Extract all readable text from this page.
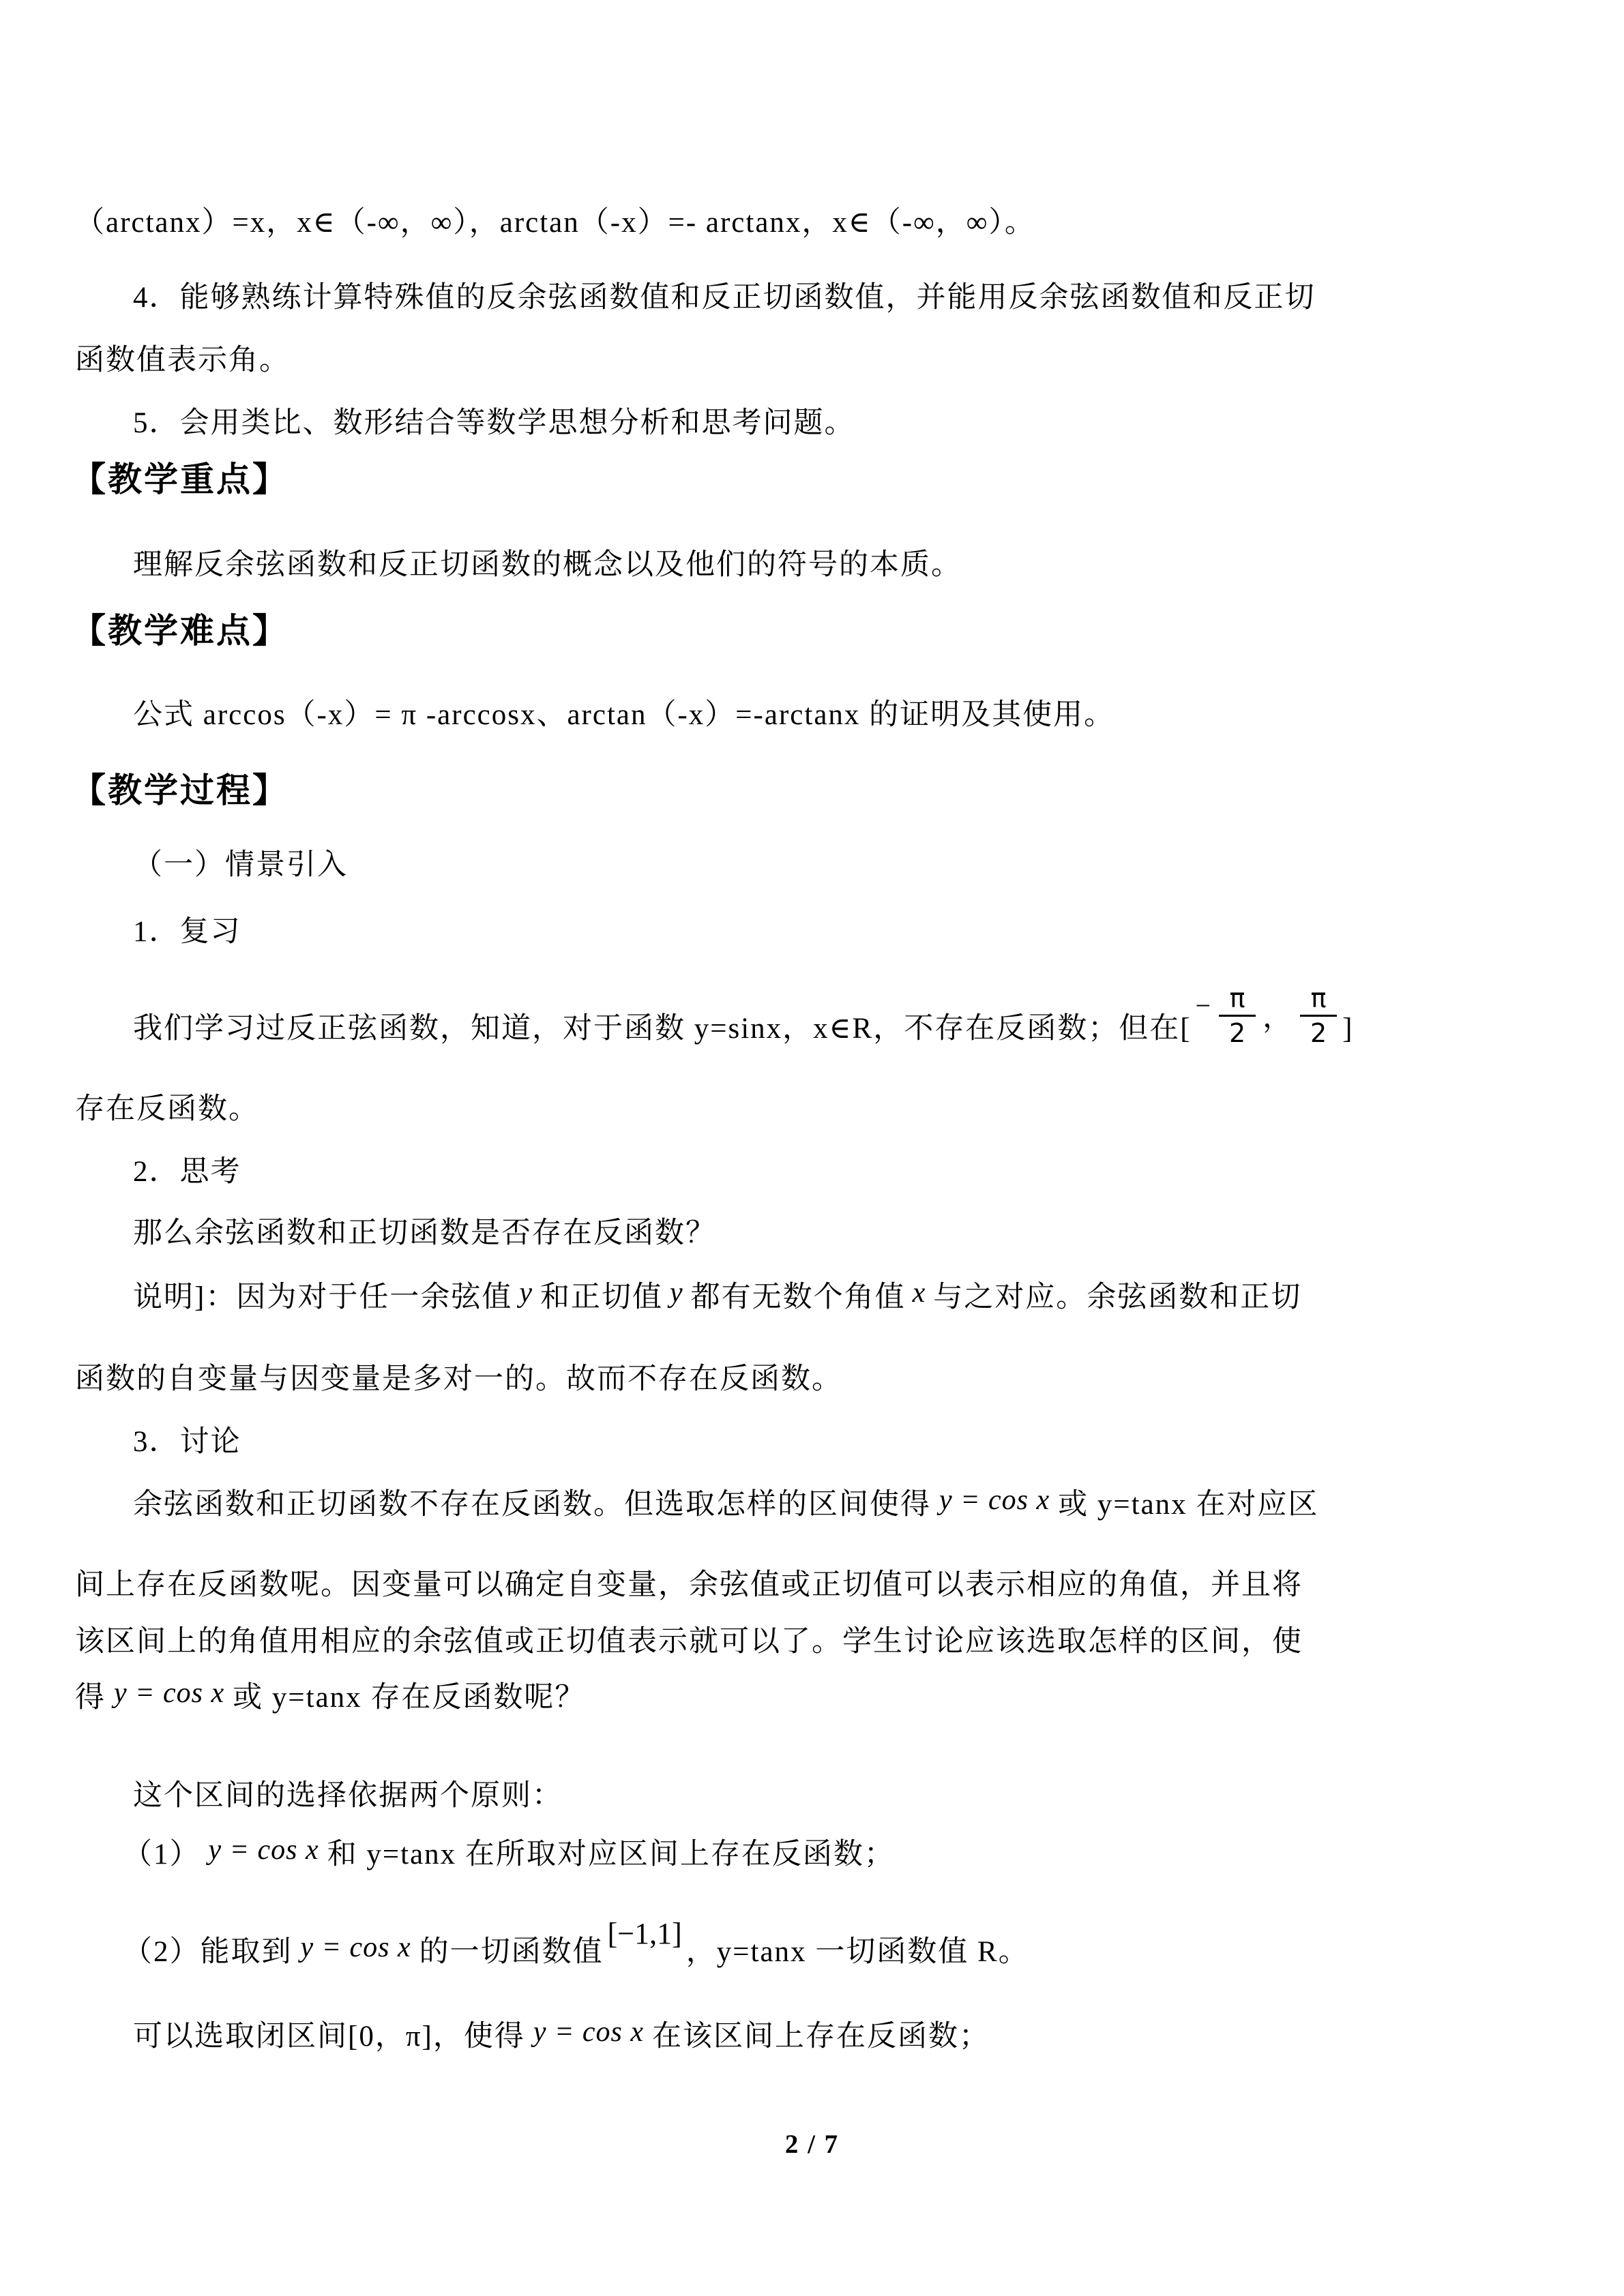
（arctanx）=x，x∈（-∞，∞），arctan（-x）=- arctanx，x∈（-∞，∞）。
4．能够熟练计算特殊值的反余弦函数值和反正切函数值，并能用反余弦函数值和反正切
函数值表示角。
5．会用类比、数形结合等数学思想分析和思考问题。
【教学重点】
理解反余弦函数和反正切函数的概念以及他们的符号的本质。
【教学难点】
公式 arccos（-x）= π -arccosx、arctan（-x）=-arctanx 的证明及其使用。
【教学过程】
（一）情景引入
1．复习
我们学习过反正弦函数，知道，对于函数 y=sinx，x∈R，不存在反函数；但在[− $\frac{\pi}{2}$ ， $\frac{\pi}{2}$ ]
存在反函数。
2．思考
那么余弦函数和正切函数是否存在反函数？
说明]：因为对于任一余弦值 y 和正切值 y 都有无数个角值 x 与之对应。余弦函数和正切
函数的自变量与因变量是多对一的。故而不存在反函数。
3．讨论
余弦函数和正切函数不存在反函数。但选取怎样的区间使得 y = cos x 或 y=tanx 在对应区
间上存在反函数呢。因变量可以确定自变量，余弦值或正切值可以表示相应的角值，并且将
该区间上的角值用相应的余弦值或正切值表示就可以了。学生讨论应该选取怎样的区间，使
得 y = cos x 或 y=tanx 存在反函数呢？
这个区间的选择依据两个原则：
（1） y = cos x 和 y=tanx 在所取对应区间上存在反函数；
（2）能取到 y = cos x 的一切函数值[−1,1]，y=tanx 一切函数值 R。
可以选取闭区间[0，π]，使得 y = cos x 在该区间上存在反函数；
2 / 7
